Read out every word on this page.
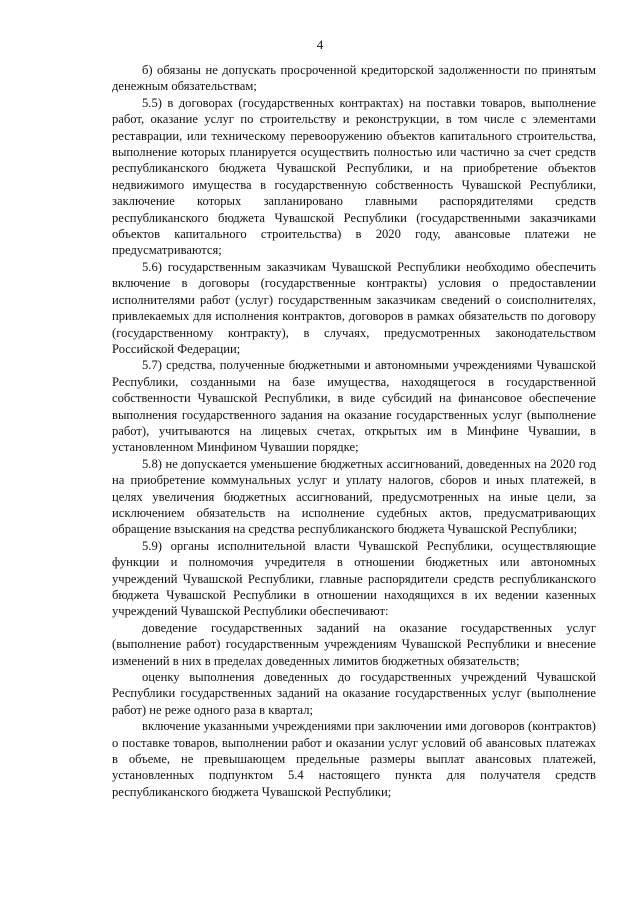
4

б) обязаны не допускать просроченной кредиторской задолженности по принятым денежным обязательствам;

5.5) в договорах (государственных контрактах) на поставки товаров, выполнение работ, оказание услуг по строительству и реконструкции, в том числе с элементами реставрации, или техническому перевооружению объектов капитального строительства, выполнение которых планируется осуществить полностью или частично за счет средств республиканского бюджета Чувашской Республики, и на приобретение объектов недвижимого имущества в государственную собственность Чувашской Республики, заключение которых запланировано главными распорядителями средств республиканского бюджета Чувашской Республики (государственными заказчиками объектов капитального строительства) в 2020 году, авансовые платежи не предусматриваются;

5.6) государственным заказчикам Чувашской Республики необходимо обеспечить включение в договоры (государственные контракты) условия о предоставлении исполнителями работ (услуг) государственным заказчикам сведений о соисполнителях, привлекаемых для исполнения контрактов, договоров в рамках обязательств по договору (государственному контракту), в случаях, предусмотренных законодательством Российской Федерации;

5.7) средства, полученные бюджетными и автономными учреждениями Чувашской Республики, созданными на базе имущества, находящегося в государственной собственности Чувашской Республики, в виде субсидий на финансовое обеспечение выполнения государственного задания на оказание государственных услуг (выполнение работ), учитываются на лицевых счетах, открытых им в Минфине Чувашии, в установленном Минфином Чувашии порядке;

5.8) не допускается уменьшение бюджетных ассигнований, доведенных на 2020 год на приобретение коммунальных услуг и уплату налогов, сборов и иных платежей, в целях увеличения бюджетных ассигнований, предусмотренных на иные цели, за исключением обязательств на исполнение судебных актов, предусматривающих обращение взыскания на средства республиканского бюджета Чувашской Республики;

5.9) органы исполнительной власти Чувашской Республики, осуществляющие функции и полномочия учредителя в отношении бюджетных или автономных учреждений Чувашской Республики, главные распорядители средств республиканского бюджета Чувашской Республики в отношении находящихся в их ведении казенных учреждений Чувашской Республики обеспечивают:

доведение государственных заданий на оказание государственных услуг (выполнение работ) государственным учреждениям Чувашской Республики и внесение изменений в них в пределах доведенных лимитов бюджетных обязательств;

оценку выполнения доведенных до государственных учреждений Чувашской Республики государственных заданий на оказание государственных услуг (выполнение работ) не реже одного раза в квартал;

включение указанными учреждениями при заключении ими договоров (контрактов) о поставке товаров, выполнении работ и оказании услуг условий об авансовых платежах в объеме, не превышающем предельные размеры выплат авансовых платежей, установленных подпунктом 5.4 настоящего пункта для получателя средств республиканского бюджета Чувашской Республики;
